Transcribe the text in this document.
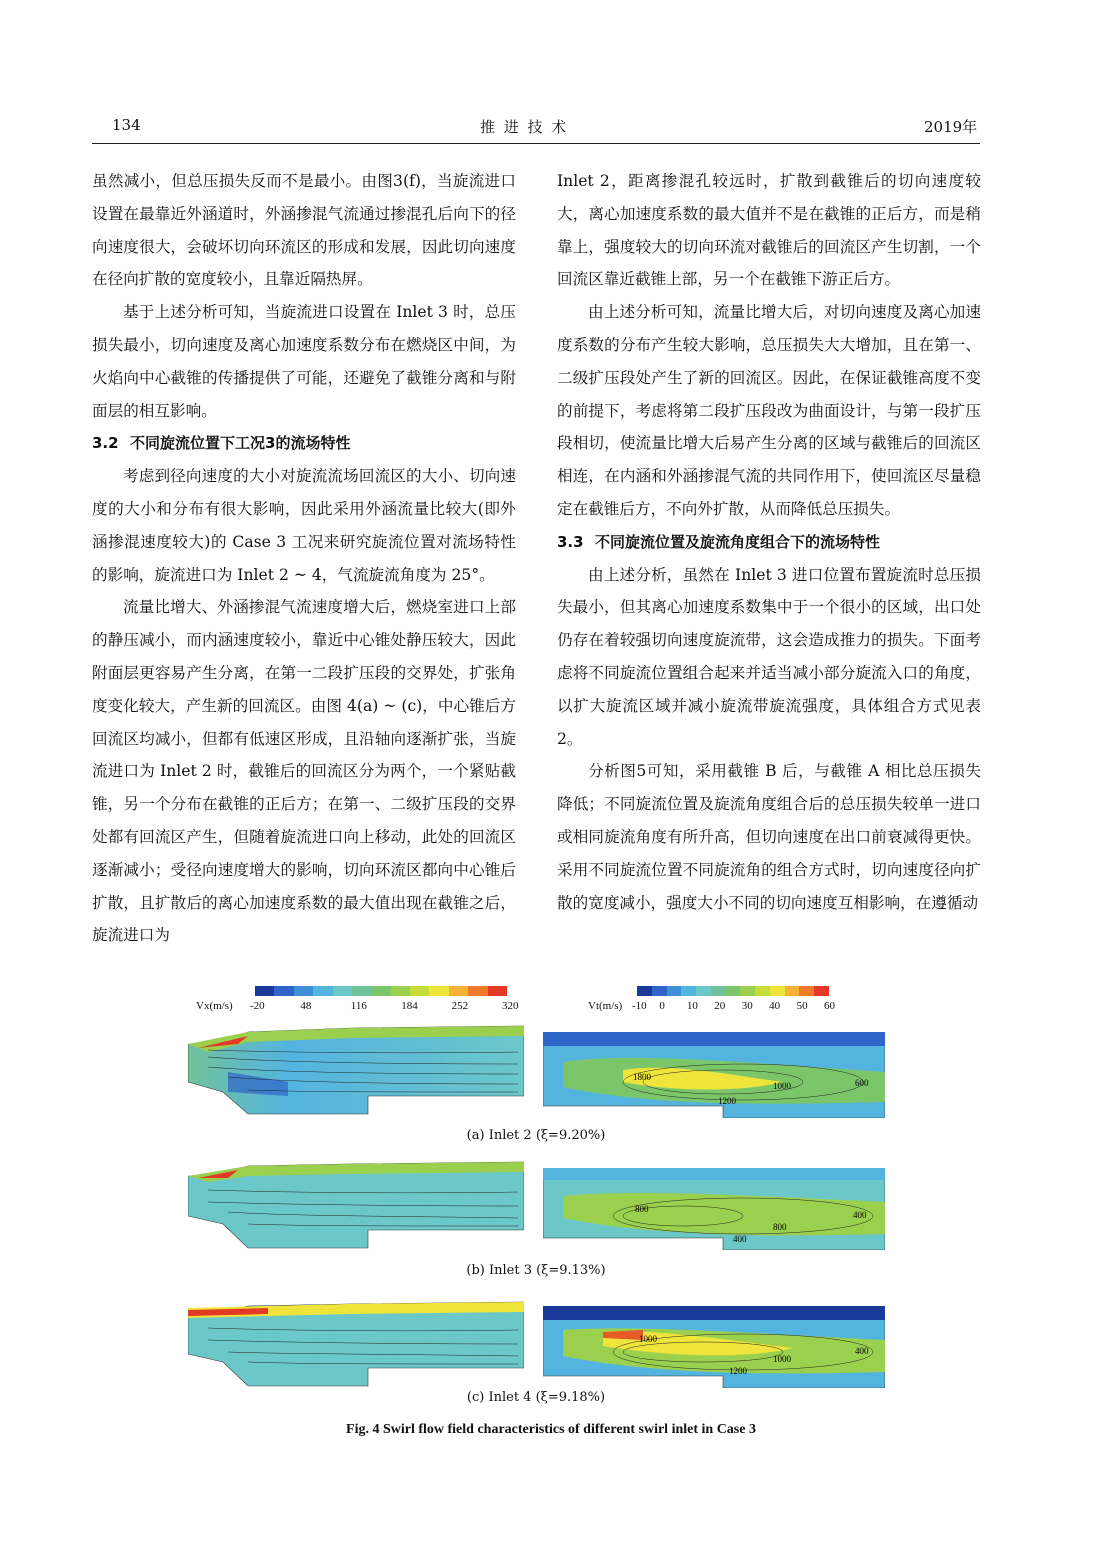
134	推 进 技 术	2019年

虽然减小，但总压损失反而不是最小。由图3(f)，当旋流进口设置在最靠近外涵道时，外涵掺混气流通过掺混孔后向下的径向速度很大，会破坏切向环流区的形成和发展，因此切向速度在径向扩散的宽度较小，且靠近隔热屏。

基于上述分析可知，当旋流进口设置在 Inlet 3 时，总压损失最小，切向速度及离心加速度系数分布在燃烧区中间，为火焰向中心截锥的传播提供了可能，还避免了截锥分离和与附面层的相互影响。

3.2 不同旋流位置下工况3的流场特性

考虑到径向速度的大小对旋流流场回流区的大小、切向速度的大小和分布有很大影响，因此采用外涵流量比较大(即外涵掺混速度较大)的 Case 3 工况来研究旋流位置对流场特性的影响，旋流进口为 Inlet 2 ~ 4，气流旋流角度为 25°。

流量比增大、外涵掺混气流速度增大后，燃烧室进口上部的静压减小，而内涵速度较小，靠近中心锥处静压较大，因此附面层更容易产生分离，在第一二段扩压段的交界处，扩张角度变化较大，产生新的回流区。由图 4(a) ~ (c)，中心锥后方回流区均减小，但都有低速区形成，且沿轴向逐渐扩张，当旋流进口为 Inlet 2 时，截锥后的回流区分为两个，一个紧贴截锥，另一个分布在截锥的正后方；在第一、二级扩压段的交界处都有回流区产生，但随着旋流进口向上移动，此处的回流区逐渐减小；受径向速度增大的影响，切向环流区都向中心锥后扩散，且扩散后的离心加速度系数的最大值出现在截锥之后，旋流进口为

Inlet 2，距离掺混孔较远时，扩散到截锥后的切向速度较大，离心加速度系数的最大值并不是在截锥的正后方，而是稍靠上，强度较大的切向环流对截锥后的回流区产生切割，一个回流区靠近截锥上部，另一个在截锥下游正后方。

由上述分析可知，流量比增大后，对切向速度及离心加速度系数的分布产生较大影响，总压损失大大增加，且在第一、二级扩压段处产生了新的回流区。因此，在保证截锥高度不变的前提下，考虑将第二段扩压段改为曲面设计，与第一段扩压段相切，使流量比增大后易产生分离的区域与截锥后的回流区相连，在内涵和外涵掺混气流的共同作用下，使回流区尽量稳定在截锥后方，不向外扩散，从而降低总压损失。

3.3 不同旋流位置及旋流角度组合下的流场特性

由上述分析，虽然在 Inlet 3 进口位置布置旋流时总压损失最小，但其离心加速度系数集中于一个很小的区域，出口处仍存在着较强切向速度旋流带，这会造成推力的损失。下面考虑将不同旋流位置组合起来并适当减小部分旋流入口的角度，以扩大旋流区域并减小旋流带旋流强度，具体组合方式见表2。

分析图5可知，采用截锥 B 后，与截锥 A 相比总压损失降低；不同旋流位置及旋流角度组合后的总压损失较单一进口或相同旋流角度有所升高，但切向速度在出口前衰减得更快。采用不同旋流位置不同旋流角的组合方式时，切向速度径向扩散的宽度减小，强度大小不同的切向速度互相影响，在遵循动

Vx(m/s) -20	48	116	184	252	320	Vt(m/s) -10 0 10 20 30 40 50 60
1800
1000	600
1200
(a) Inlet 2 (ξ=9.20%)
800
800
400
400
(b) Inlet 3 (ξ=9.13%)
1000
1000
400
1200
(c) Inlet 4 (ξ=9.18%)
Fig. 4 Swirl flow field characteristics of different swirl inlet in Case 3
